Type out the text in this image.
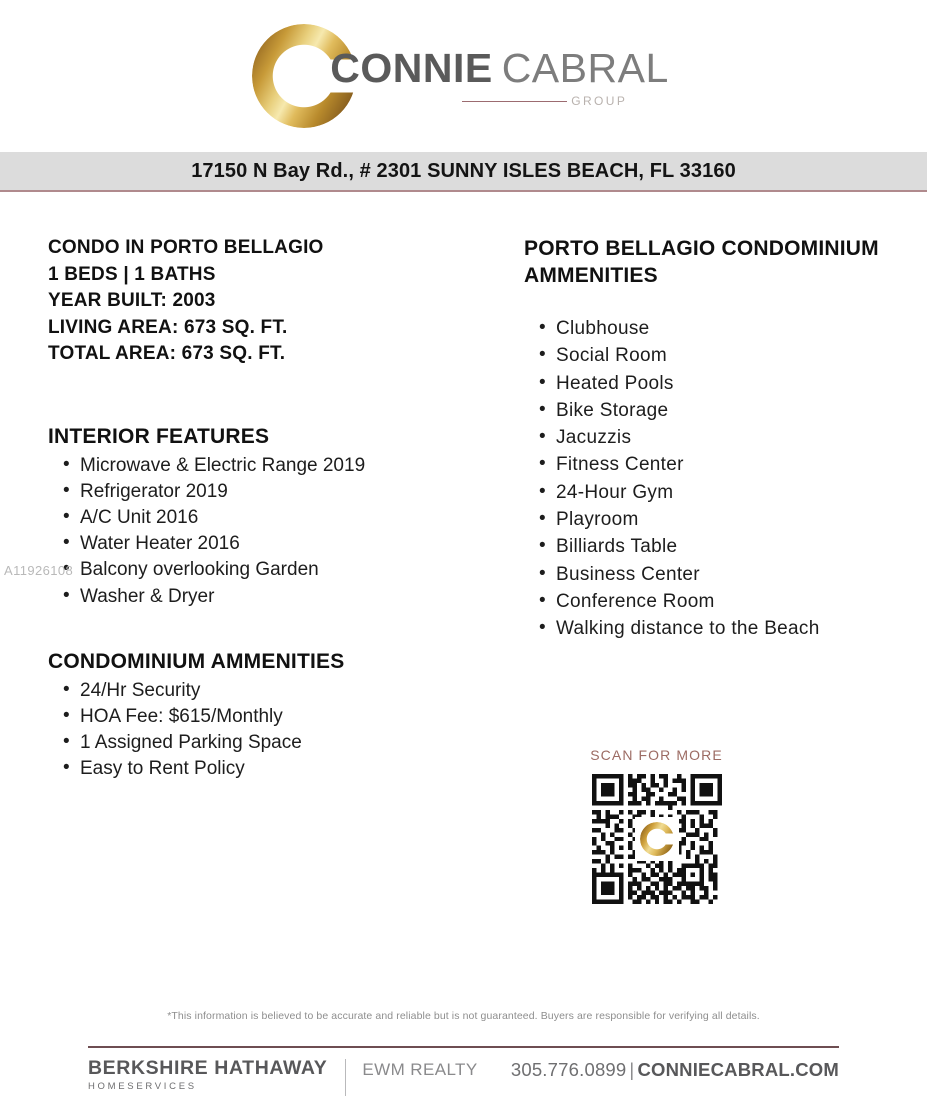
CONNIE CABRAL
GROUP
17150 N Bay Rd., # 2301 SUNNY ISLES BEACH, FL 33160
CONDO IN PORTO BELLAGIO
1 BEDS | 1 BATHS
YEAR BUILT: 2003
LIVING AREA: 673 SQ. FT.
TOTAL AREA: 673 SQ. FT.
INTERIOR FEATURES
• Microwave & Electric Range 2019
• Refrigerator 2019
• A/C Unit 2016
• Water Heater 2016
• Balcony overlooking Garden
• Washer & Dryer
CONDOMINIUM AMMENITIES
• 24/Hr Security
• HOA Fee: $615/Monthly
• 1 Assigned Parking Space
• Easy to Rent Policy
PORTO BELLAGIO CONDOMINIUM AMMENITIES
• Clubhouse
• Social Room
• Heated Pools
• Bike Storage
• Jacuzzis
• Fitness Center
• 24-Hour Gym
• Playroom
• Billiards Table
• Business Center
• Conference Room
• Walking distance to the Beach
SCAN FOR MORE
A11926108
*This information is believed to be accurate and reliable but is not guaranteed. Buyers are responsible for verifying all details.
BERKSHIRE HATHAWAY
HOMESERVICES
EWM REALTY 305.776.0899 | CONNIECABRAL.COM
